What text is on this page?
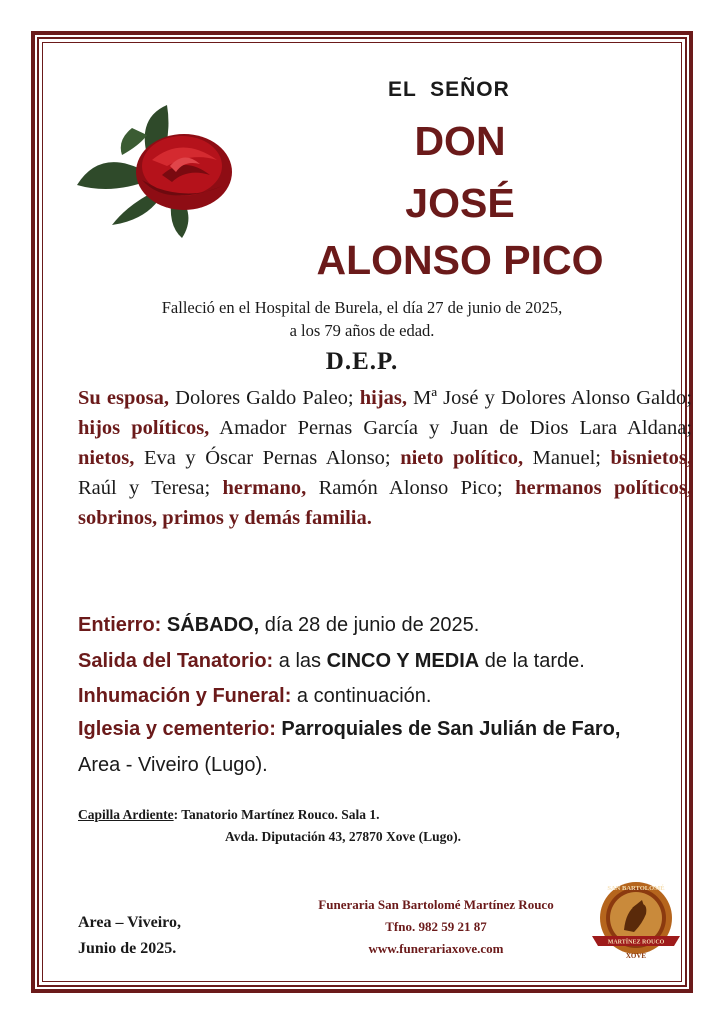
EL  SEÑOR
DON
JOSÉ
ALONSO PICO
Falleció en el Hospital de Burela, el día 27 de junio de 2025,
a los 79 años de edad.
D.E.P.
Su esposa, Dolores Galdo Paleo; hijas, Mª José y Dolores Alonso Galdo; hijos políticos, Amador Pernas García y Juan de Dios Lara Aldana; nietos, Eva y Óscar Pernas Alonso; nieto político, Manuel; bisnietos, Raúl y Teresa; hermano, Ramón Alonso Pico; hermanos políticos, sobrinos, primos y demás familia.
Entierro: SÁBADO, día 28 de junio de 2025.
Salida del Tanatorio: a las CINCO Y MEDIA de la tarde.
Inhumación y Funeral: a continuación.
Iglesia y cementerio: Parroquiales de San Julián de Faro,
Area - Viveiro (Lugo).
Capilla Ardiente: Tanatorio Martínez Rouco. Sala 1.
Avda. Diputación 43, 27870 Xove (Lugo).
Area – Viveiro,
Junio de 2025.
Funeraria San Bartolomé Martínez Rouco
Tfno. 982 59 21 87
www.funerariaxove.com
SAN BARTOLOMÉ
MARTÍNEZ ROUCO
XOVE
